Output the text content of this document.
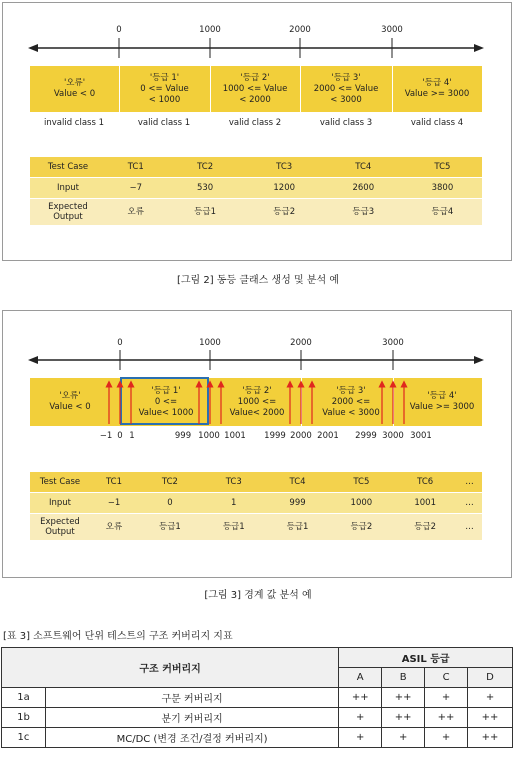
0	1000	2000	3000
'오류'
Value < 0
'등급 1'
0 <= Value
< 1000
'등급 2'
1000 <= Value
< 2000
'등급 3'
2000 <= Value
< 3000
'등급 4'
Value >= 3000
invalid class 1	valid class 1	valid class 2	valid class 3	valid class 4
Test Case	TC1	TC2	TC3	TC4	TC5
Input	−7	530	1200	2600	3800

Expected
Output	오류	등급1	등급2	등급3	등급4
[그림 2] 동등 클래스 생성 및 분석 예
0	1000	2000	3000
'오류'
Value < 0
'등급 1'
0 <=
Value< 1000
'등급 2'
1000 <=
Value< 2000
'등급 3'
2000 <=
Value < 3000
'등급 4'
Value >= 3000
−1 0 1	999 1000 1001	1999 2000 2001	2999 3000 3001
Test Case	TC1	TC2	TC3	TC4	TC5	TC6	…
Input	−1	0	1	999	1000	1001	…

Expected
Output	오류	등급1	등급1	등급1	등급2	등급2	…
[그림 3] 경계 값 분석 예
[표 3] 소프트웨어 단위 테스트의 구조 커버리지 지표
구조 커버리지		ASIL 등급			
		A	B	C	D
1a	구문 커버리지	++	++	+	+
1b	분기 커버리지	+	++	++	++
1c	MC/DC (변경 조건/결정 커버리지)	+	+	+	++
